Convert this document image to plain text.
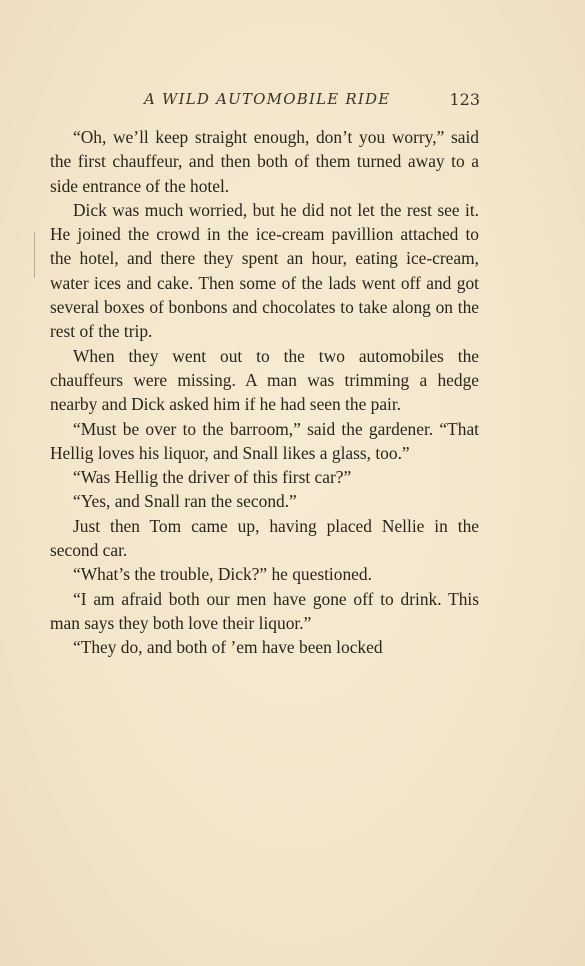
A WILD AUTOMOBILE RIDE	123

“Oh, we’ll keep straight enough, don’t you worry,” said the first chauffeur, and then both of them turned away to a side entrance of the hotel.

Dick was much worried, but he did not let the rest see it. He joined the crowd in the ice-cream pavillion attached to the hotel, and there they spent an hour, eating ice-cream, water ices and cake. Then some of the lads went off and got several boxes of bonbons and chocolates to take along on the rest of the trip.

When they went out to the two automobiles the chauffeurs were missing. A man was trimming a hedge nearby and Dick asked him if he had seen the pair.

“Must be over to the barroom,” said the gardener. “That Hellig loves his liquor, and Snall likes a glass, too.”

“Was Hellig the driver of this first car?”

“Yes, and Snall ran the second.”

Just then Tom came up, having placed Nellie in the second car.

“What’s the trouble, Dick?” he questioned.

“I am afraid both our men have gone off to drink. This man says they both love their liquor.”

“They do, and both of ’em have been locked
